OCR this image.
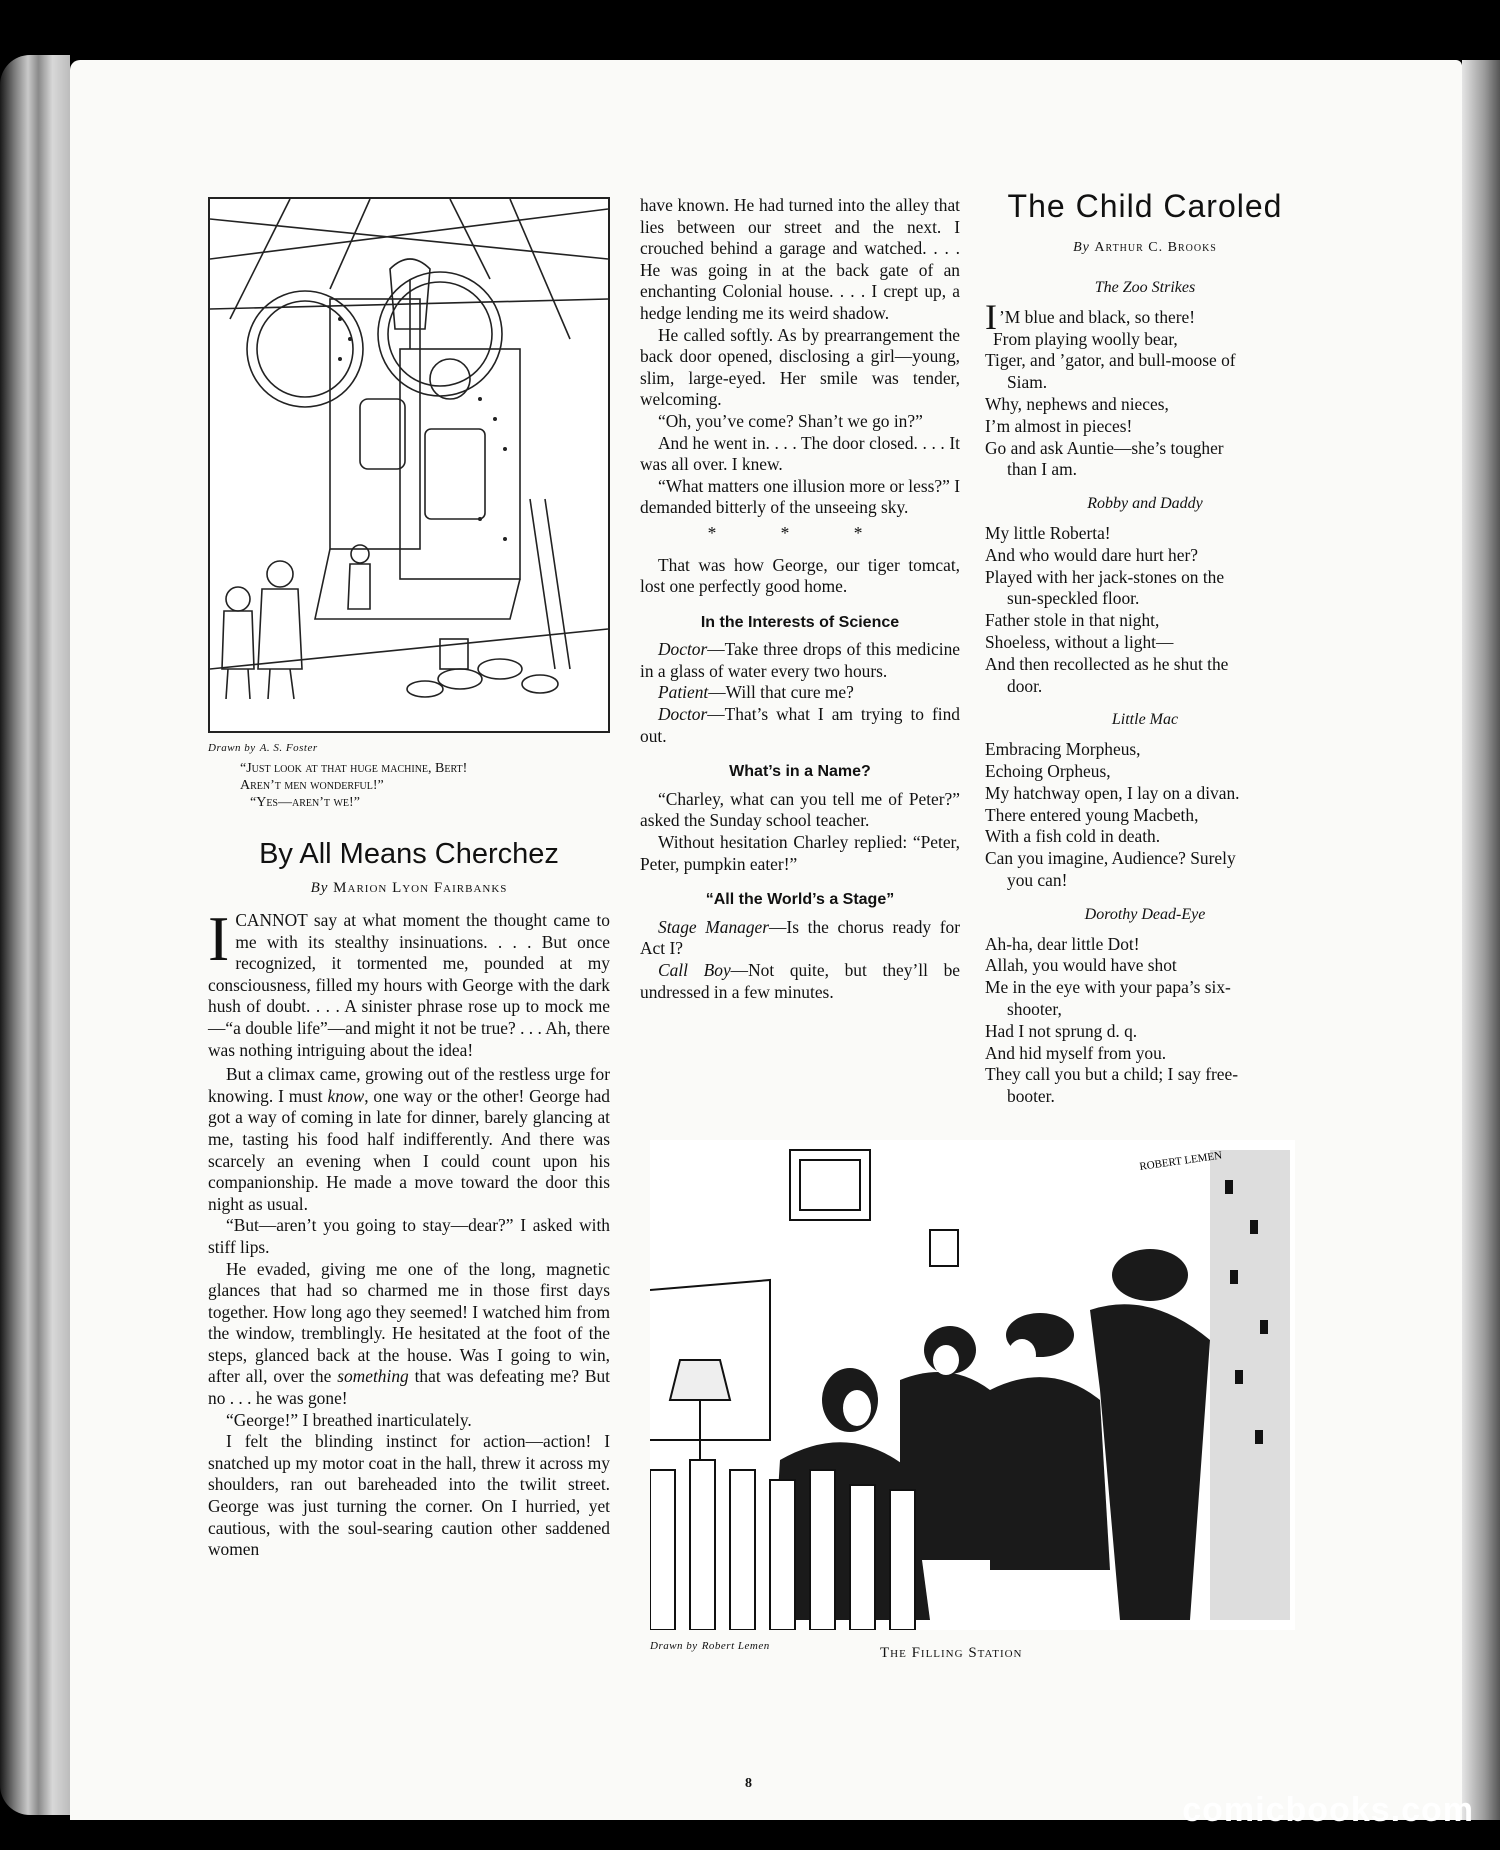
Drawn by A. S. Foster
“Just look at that huge machine, Bert!
Aren’t men wonderful!”
“Yes—aren’t we!”
By All Means Cherchez
By Marion Lyon Fairbanks

I CANNOT say at what moment the thought came to me with its stealthy insinuations. . . . But once recognized, it tormented me, pounded at my consciousness, filled my hours with George with the dark hush of doubt. . . . A sinister phrase rose up to mock me—“a double life”—and might it not be true? . . . Ah, there was nothing intriguing about the idea!

But a climax came, growing out of the restless urge for knowing. I must know, one way or the other! George had got a way of coming in late for dinner, barely glancing at me, tasting his food half indifferently. And there was scarcely an evening when I could count upon his companionship. He made a move toward the door this night as usual.

“But—aren’t you going to stay—dear?” I asked with stiff lips.

He evaded, giving me one of the long, magnetic glances that had so charmed me in those first days together. How long ago they seemed! I watched him from the window, tremblingly. He hesitated at the foot of the steps, glanced back at the house. Was I going to win, after all, over the something that was defeating me? But no . . . he was gone!

“George!” I breathed inarticulately.

I felt the blinding instinct for action—action! I snatched up my motor coat in the hall, threw it across my shoulders, ran out bareheaded into the twilit street. George was just turning the corner. On I hurried, yet cautious, with the soul-searing caution other saddened women

have known. He had turned into the alley that lies between our street and the next. I crouched behind a garage and watched. . . . He was going in at the back gate of an enchanting Colonial house. . . . I crept up, a hedge lending me its weird shadow.

He called softly. As by prearrangement the back door opened, disclosing a girl—young, slim, large-eyed. Her smile was tender, welcoming.

“Oh, you’ve come? Shan’t we go in?”

And he went in. . . . The door closed. . . . It was all over. I knew.

“What matters one illusion more or less?” I demanded bitterly of the unseeing sky.

* * *

That was how George, our tiger tomcat, lost one perfectly good home.

In the Interests of Science

Doctor—Take three drops of this medicine in a glass of water every two hours.

Patient—Will that cure me?

Doctor—That’s what I am trying to find out.

What’s in a Name?

“Charley, what can you tell me of Peter?” asked the Sunday school teacher.

Without hesitation Charley replied: “Peter, Peter, pumpkin eater!”

“All the World’s a Stage”

Stage Manager—Is the chorus ready for Act I?

Call Boy—Not quite, but they’ll be undressed in a few minutes.

The Child Caroled
By Arthur C. Brooks
The Zoo Strikes
I ’M blue and black, so there!
From playing woolly bear,
Tiger, and ’gator, and bull-moose of
Siam.
Why, nephews and nieces,
I’m almost in pieces!
Go and ask Auntie—she’s tougher
than I am.
Robby and Daddy
My little Roberta!
And who would dare hurt her?
Played with her jack-stones on the
sun-speckled floor.
Father stole in that night,
Shoeless, without a light—
And then recollected as he shut the
door.
Little Mac
Embracing Morpheus,
Echoing Orpheus,
My hatchway open, I lay on a divan.
There entered young Macbeth,
With a fish cold in death.
Can you imagine, Audience? Surely
you can!
Dorothy Dead-Eye
Ah-ha, dear little Dot!
Allah, you would have shot
Me in the eye with your papa’s six-
shooter,
Had I not sprung d. q.
And hid myself from you.
They call you but a child; I say free-
booter.
ROBERT LEMEN
Drawn by Robert Lemen	The Filling Station
8
comicbooks.com
